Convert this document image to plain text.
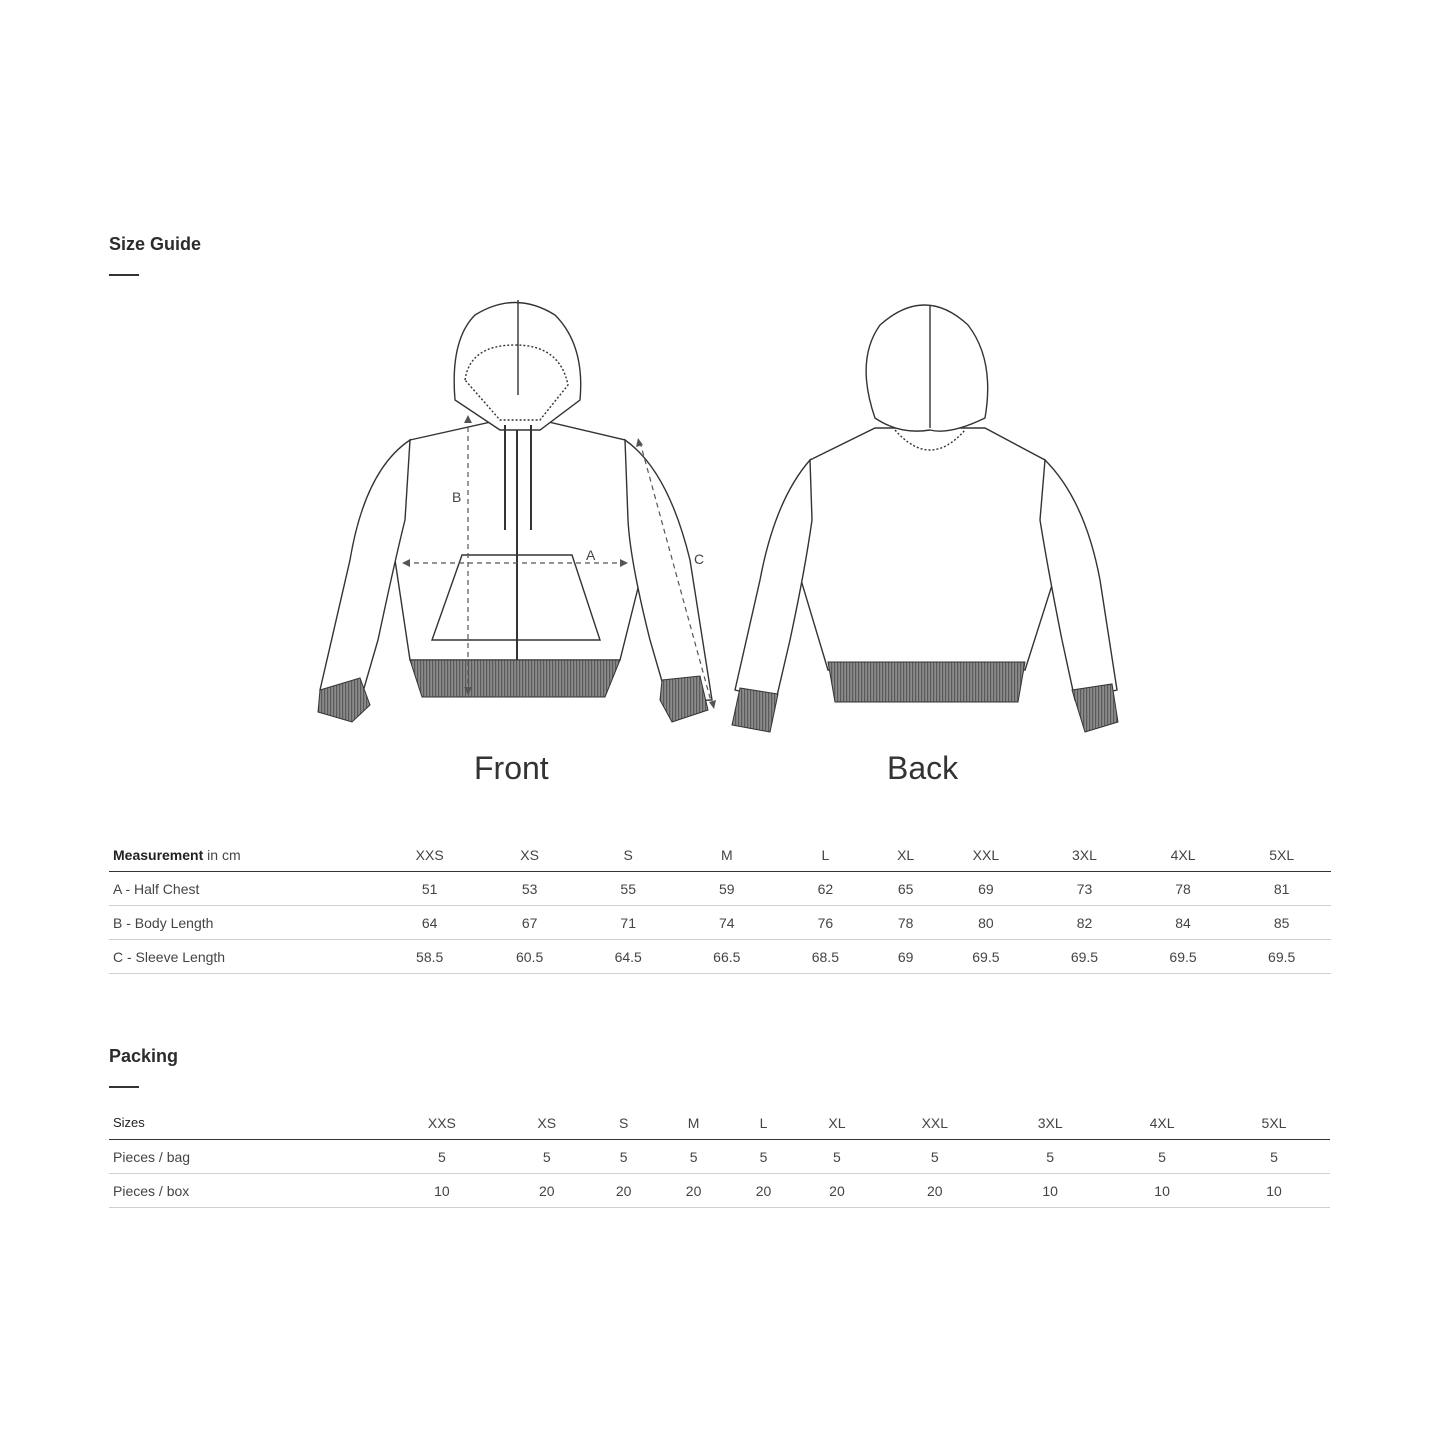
Size Guide
A
B
C
Front	Back
Measurement in cm	XXS	XS	S	M	L	XL	XXL	3XL	4XL	5XL
A - Half Chest	51	53	55	59	62	65	69	73	78	81
B - Body Length	64	67	71	74	76	78	80	82	84	85
C - Sleeve Length	58.5	60.5	64.5	66.5	68.5	69	69.5	69.5	69.5	69.5
Packing
Sizes	XXS	XS	S	M	L	XL	XXL	3XL	4XL	5XL
Pieces / bag	5	5	5	5	5	5	5	5	5	5
Pieces / box	10	20	20	20	20	20	20	10	10	10
